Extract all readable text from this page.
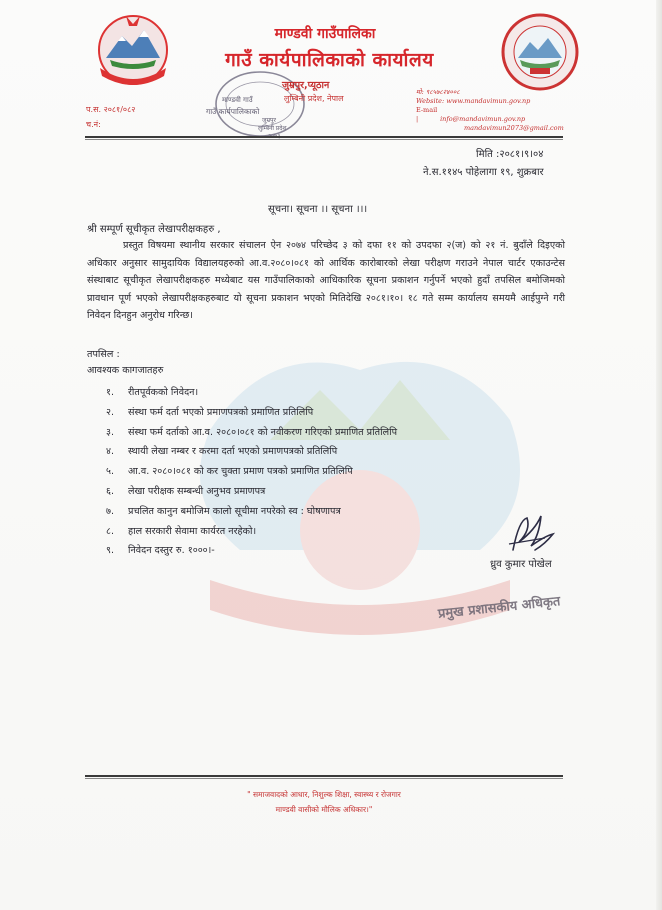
माण्डवी गाउँपालिका
गाउँ कार्यपालिकाको कार्यालय
माण्डवी गाउँ
गाउँ कार्यपालिकाको
जुम्रपुर
लुम्बिनी प्रदेश
जुम्रपुर,प्यूठान
लुम्बिनी प्रदेश, नेपाल
प.स. २०८१/०८२
च.नं:
मो: ९८५७८२४००८
Website: www.mandavimun.gov.np
E-mail |	info@mandavimun.gov.np
mandavimun2073@gmail.com
मिति :२०८१।९।०४
ने.स.११४५ पोहेलागा १९, शुक्रबार
सूचना। सूचना ।। सूचना ।।।
श्री सम्पूर्ण सूचीकृत लेखापरीक्षकहरु ,
प्रस्तुत विषयमा स्थानीय सरकार संचालन ऐन २०७४ परिच्छेद ३ को दफा ११ को उपदफा २(ज) को २१ नं. बुदाँले दिइएको अधिकार अनुसार सामुदायिक विद्यालयहरुको आ.व.२०८०।०८१ को आर्थिक कारोबारको लेखा परीक्षण गराउने नेपाल चार्टर एकाउन्टेस संस्थाबाट सूचीकृत लेखापरीक्षकहरु मध्येबाट यस गाउँपालिकाको आधिकारिक सूचना प्रकाशन गर्नुपर्ने भएको हुदाँ तपसिल बमोजिमको प्रावधान पूर्ण भएको लेखापरीक्षकहरुबाट यो सूचना प्रकाशन भएको मितिदेखि २०८१।१०। १८ गते सम्म कार्यालय समयमै आईपुग्ने गरी निवेदन दिनहुन अनुरोध गरिन्छ।
तपसिल :
आवश्यक कागजातहरु
१. रीतपूर्वकको निवेदन।
२. संस्था फर्म दर्ता भएको प्रमाणपत्रको प्रमाणित प्रतिलिपि
३. संस्था फर्म दर्ताको आ.व. २०८०।०८१ को नवीकरण गरिएको प्रमाणित प्रतिलिपि
४. स्थायी लेखा नम्बर र करमा दर्ता भएको प्रमाणपत्रको प्रतिलिपि
५. आ.व. २०८०।०८१ को कर चुक्ता प्रमाण पत्रको प्रमाणित प्रतिलिपि
६. लेखा परीक्षक सम्बन्धी अनुभव प्रमाणपत्र
७. प्रचलित कानुन बमोजिम कालो सूचीमा नपरेको स्व : घोषणापत्र
८. हाल सरकारी सेवामा कार्यरत नरहेको।
९. निवेदन दस्तुर रु. १०००।-
ध्रुव कुमार पोखेल
प्रमुख प्रशासकीय अधिकृत
" समाजवादको आधार, निशुल्क शिक्षा, स्वास्थ्य र रोजगार
माण्डवी वासीको मौलिक अधिकार।"
